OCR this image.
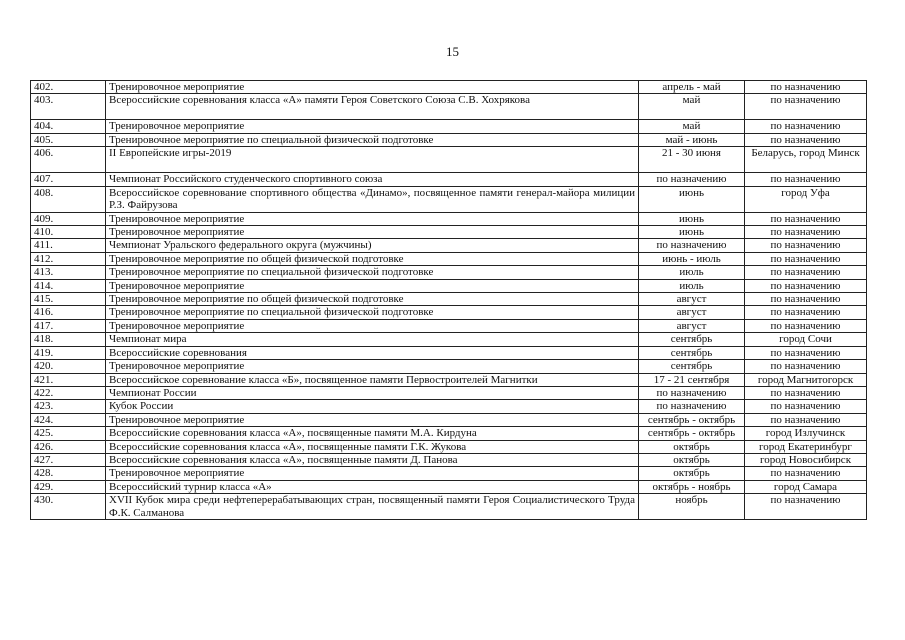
15
402.	Тренировочное мероприятие	апрель - май	по назначению
403.	Всероссийские соревнования класса «А» памяти Героя Советского Союза С.В. Хохрякова	май	по назначению
404.	Тренировочное мероприятие	май	по назначению
405.	Тренировочное мероприятие по специальной физической подготовке	май - июнь	по назначению
406.	II Европейские игры-2019	21 - 30 июня	Беларусь, город Минск
407.	Чемпионат Российского студенческого спортивного союза	по назначению	по назначению
408.	Всероссийское соревнование спортивного общества «Динамо», посвященное памяти генерал-майора милиции Р.З. Файрузова	июнь	город Уфа
409.	Тренировочное мероприятие	июнь	по назначению
410.	Тренировочное мероприятие	июнь	по назначению
411.	Чемпионат Уральского федерального округа (мужчины)	по назначению	по назначению
412.	Тренировочное мероприятие по общей физической подготовке	июнь - июль	по назначению
413.	Тренировочное мероприятие по специальной физической подготовке	июль	по назначению
414.	Тренировочное мероприятие	июль	по назначению
415.	Тренировочное мероприятие по общей физической подготовке	август	по назначению
416.	Тренировочное мероприятие по специальной физической подготовке	август	по назначению
417.	Тренировочное мероприятие	август	по назначению
418.	Чемпионат мира	сентябрь	город Сочи
419.	Всероссийские соревнования	сентябрь	по назначению
420.	Тренировочное мероприятие	сентябрь	по назначению
421.	Всероссийское соревнование класса «Б», посвященное памяти Первостроителей Магнитки	17 - 21 сентября	город Магнитогорск
422.	Чемпионат России	по назначению	по назначению
423.	Кубок России	по назначению	по назначению
424.	Тренировочное мероприятие	сентябрь - октябрь	по назначению
425.	Всероссийские соревнования класса «А», посвященные памяти М.А. Кирдуна	сентябрь - октябрь	город Излучинск
426.	Всероссийские соревнования класса «А», посвященные памяти Г.К. Жукова	октябрь	город Екатеринбург
427.	Всероссийские соревнования класса «А», посвященные памяти Д. Панова	октябрь	город Новосибирск
428.	Тренировочное мероприятие	октябрь	по назначению
429.	Всероссийский турнир класса «А»	октябрь - ноябрь	город Самара
430.	XVII Кубок мира среди нефтеперерабатывающих стран, посвященный памяти Героя Социалистического Труда Ф.К. Салманова	ноябрь	по назначению
